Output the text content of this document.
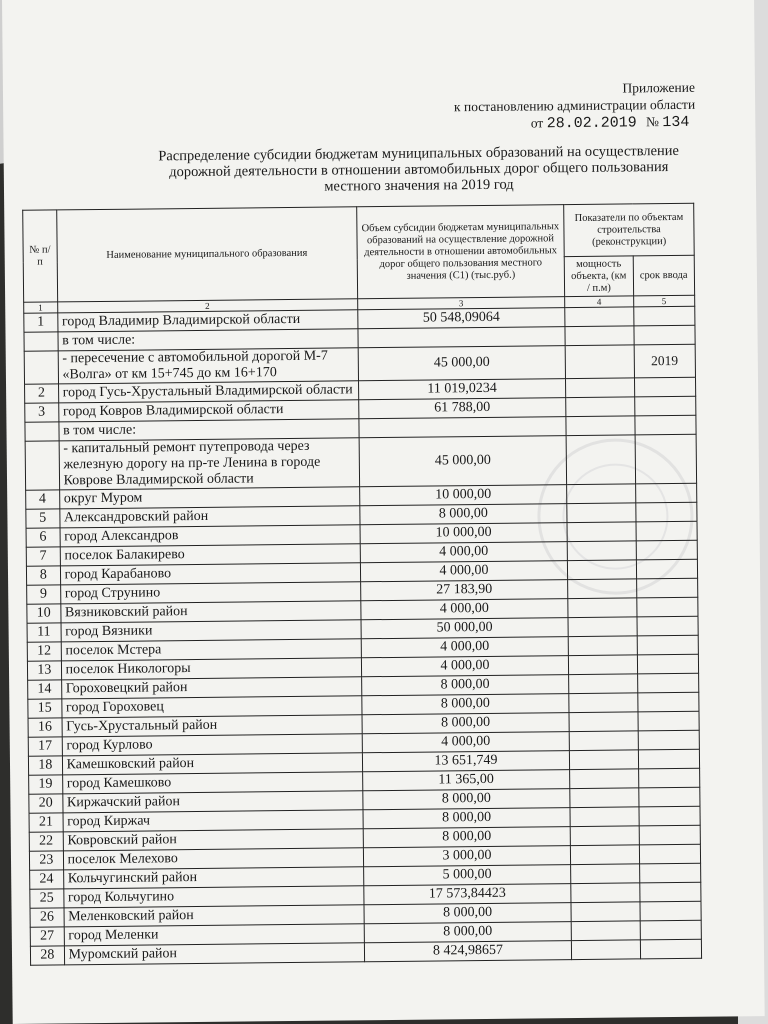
Приложение
к постановлению администрации области
от 28.02.2019 № 134
Распределение субсидии бюджетам муниципальных образований на осуществление дорожной деятельности в отношении автомобильных дорог общего пользования местного значения на 2019 год
№ п/п	Наименование муниципального образования	Объем субсидии бюджетам муниципальных образований на осуществление дорожной деятельности в отношении автомобильных дорог общего пользования местного значения (С1) (тыс.руб.)	Показатели по объектам строительства (реконструкции)	
			мощность объекта, (км / п.м)	срок ввода
1	2	3	4	5
1	город Владимир Владимирской области	50 548,09064		
	в том числе:			
	- пересечение с автомобильной дорогой М-7 «Волга» от км 15+745 до км 16+170	45 000,00		2019
2	город Гусь-Хрустальный Владимирской области	11 019,0234		
3	город Ковров Владимирской области	61 788,00		
	в том числе:			
	- капитальный ремонт путепровода через железную дорогу на пр-те Ленина в городе Коврове Владимирской области	45 000,00		
4	округ Муром	10 000,00		
5	Александровский район	8 000,00		
6	город Александров	10 000,00		
7	поселок Балакирево	4 000,00		
8	город Карабаново	4 000,00		
9	город Струнино	27 183,90		
10	Вязниковский район	4 000,00		
11	город Вязники	50 000,00		
12	поселок Мстера	4 000,00		
13	поселок Никологоры	4 000,00		
14	Гороховецкий район	8 000,00		
15	город Гороховец	8 000,00		
16	Гусь-Хрустальный район	8 000,00		
17	город Курлово	4 000,00		
18	Камешковский район	13 651,749		
19	город Камешково	11 365,00		
20	Киржачский район	8 000,00		
21	город Киржач	8 000,00		
22	Ковровский район	8 000,00		
23	поселок Мелехово	3 000,00		
24	Кольчугинский район	5 000,00		
25	город Кольчугино	17 573,84423		
26	Меленковский район	8 000,00		
27	город Меленки	8 000,00		
28	Муромский район	8 424,98657		
